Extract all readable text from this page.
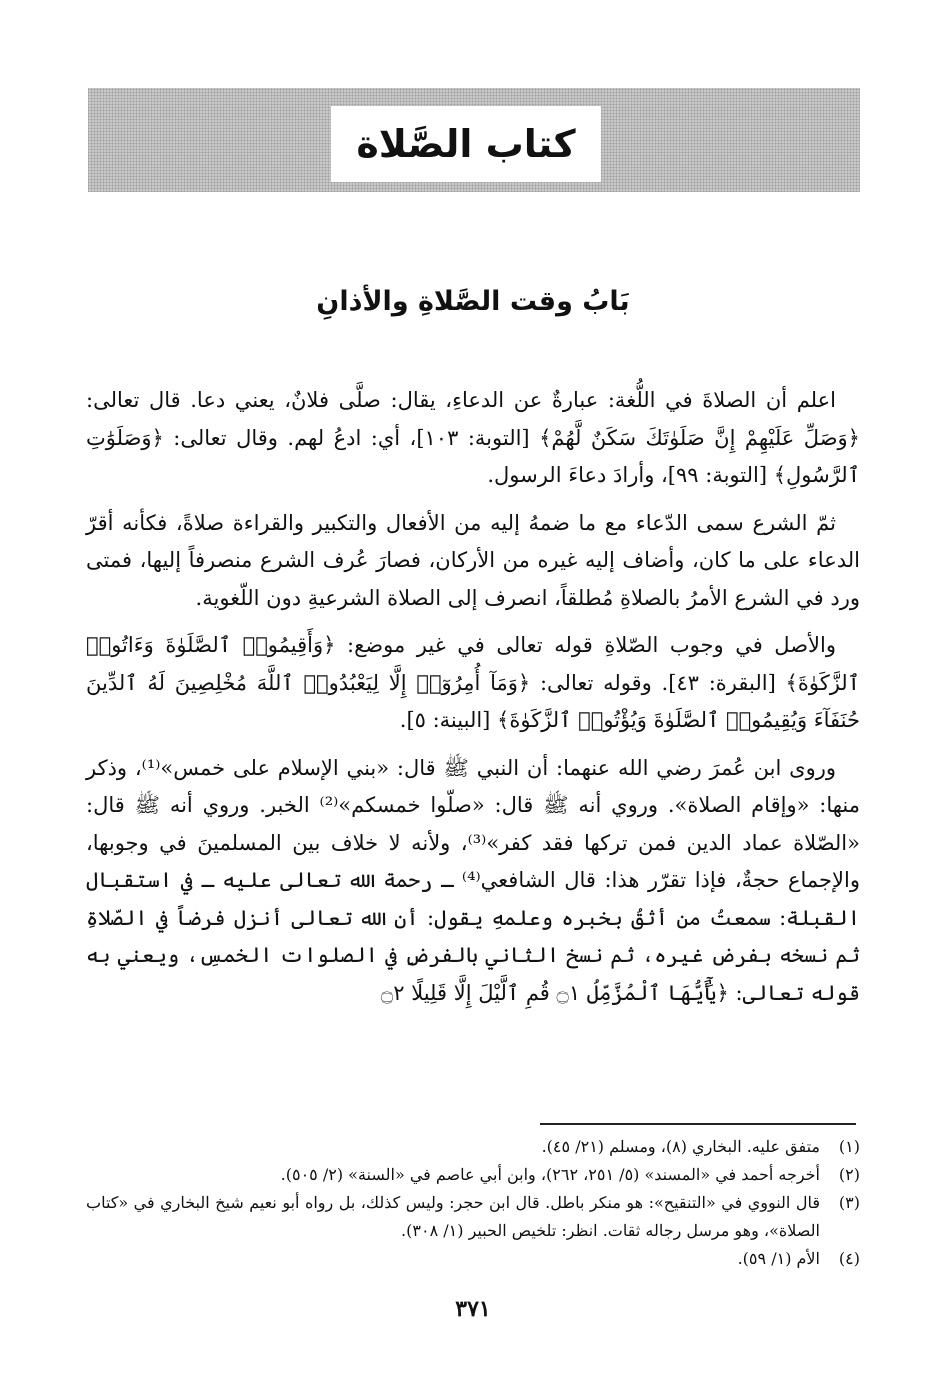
كتاب الصَّلاة
بَابُ وقت الصَّلاةِ والأذانِ

اعلم أن الصلاةَ في اللُّغة: عبارةٌ عن الدعاءِ، يقال: صلَّى فلانٌ، يعني دعا. قال تعالى: ﴿وَصَلِّ عَلَيْهِمْ إِنَّ صَلَوٰتَكَ سَكَنٌ لَّهُمْ﴾ [التوبة: ١٠٣]، أي: ادعُ لهم. وقال تعالى: ﴿وَصَلَوَٰتِ ٱلرَّسُولِ﴾ [التوبة: ٩٩]، وأرادَ دعاءَ الرسول.

ثمّ الشرع سمى الدّعاء مع ما ضمهُ إليه من الأفعال والتكبير والقراءة صلاةً، فكأنه أقرّ الدعاء على ما كان، وأضاف إليه غيره من الأركان، فصارَ عُرف الشرع منصرفاً إليها، فمتى ورد في الشرع الأمرُ بالصلاةِ مُطلقاً، انصرف إلى الصلاة الشرعيةِ دون اللّغوية.

والأصل في وجوب الصّلاةِ قوله تعالى في غير موضع: ﴿وَأَقِيمُوا۟ ٱلصَّلَوٰةَ وَءَاتُوا۟ ٱلزَّكَوٰةَ﴾ [البقرة: ٤٣]. وقوله تعالى: ﴿وَمَآ أُمِرُوٓا۟ إِلَّا لِيَعْبُدُوا۟ ٱللَّهَ مُخْلِصِينَ لَهُ ٱلدِّينَ حُنَفَآءَ وَيُقِيمُوا۟ ٱلصَّلَوٰةَ وَيُؤْتُوا۟ ٱلزَّكَوٰةَ﴾ [البينة: ٥].

وروى ابن عُمرَ رضي الله عنهما: أن النبي ﷺ قال: «بني الإسلام على خمس»⁽¹⁾، وذكر منها: «وإقام الصلاة». وروي أنه ﷺ قال: «صلّوا خمسكم»⁽²⁾ الخبر. وروي أنه ﷺ قال: «الصّلاة عماد الدين فمن تركها فقد كفر»⁽³⁾، ولأنه لا خلاف بين المسلمينَ في وجوبها، والإجماع حجةٌ، فإذا تقرّر هذا: قال الشافعي⁽⁴⁾ ـ رحمة الله تعالى عليه ـ في استقبال القبلة: سمعتُ من أثقُ بخبره وعلمهِ يقول: أن الله تعالى أنزل فرضاً في الصّلاةِ ثم نسخه بفرض غيره، ثم نسخ الثاني بالفرضِ في الصلوات الخمسِ، ويعني به قوله تعالى: ﴿يَٰٓأَيُّهَا ٱلْمُزَّمِّلُ ۝١ قُمِ ٱلَّيْلَ إِلَّا قَلِيلًا ۝٢

(١)
متفق عليه. البخاري (٨)، ومسلم (٢١/ ٤٥).
(٢)
أخرجه أحمد في «المسند» (٥/ ٢٥١، ٢٦٢)، وابن أبي عاصم في «السنة» (٢/ ٥٠٥).
(٣)
قال النووي في «التنقيح»: هو منكر باطل. قال ابن حجر: وليس كذلك، بل رواه أبو نعيم شيخ البخاري في «كتاب الصلاة»، وهو مرسل رجاله ثقات. انظر: تلخيص الحبير (١/ ٣٠٨).
(٤)
الأم (١/ ٥٩).
٣٧١
